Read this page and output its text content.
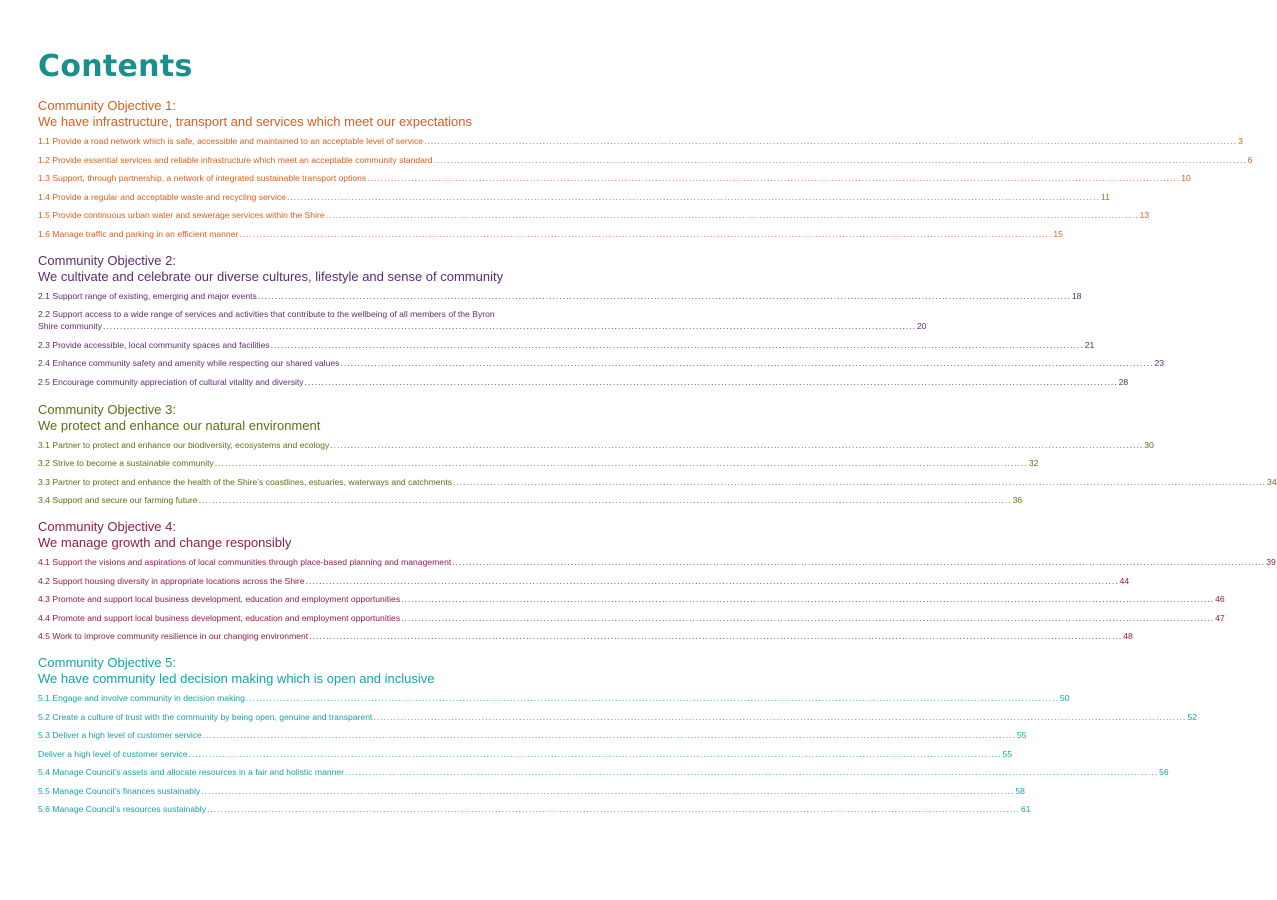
Contents
Community Objective 1:
We have infrastructure, transport and services which meet our expectations
1.1 Provide a road network which is safe, accessible and maintained to an acceptable level of service .....	3
1.2 Provide essential services and reliable infrastructure which meet an acceptable community standard .....	6
1.3 Support, through partnership, a network of integrated sustainable transport options .....	10
1.4 Provide a regular and acceptable waste and recycling service .....	11
1.5 Provide continuous urban water and sewerage services within the Shire .....	13
1.6 Manage traffic and parking in an efficient manner .....	15
Community Objective 2:
We cultivate and celebrate our diverse cultures, lifestyle and sense of community
2.1 Support range of existing, emerging and major events .....	18
2.2 Support access to a wide range of services and activities that contribute to the wellbeing of all members of the Byron
Shire community .....	20
2.3 Provide accessible, local community spaces and facilities .....	21
2.4 Enhance community safety and amenity while respecting our shared values .....	23
2.5 Encourage community appreciation of cultural vitality and diversity .....	28
Community Objective 3:
We protect and enhance our natural environment
3.1 Partner to protect and enhance our biodiversity, ecosystems and ecology .....	30
3.2 Strive to become a sustainable community .....	32
3.3 Partner to protect and enhance the health of the Shire’s coastlines, estuaries, waterways and catchments .....	34
3.4 Support and secure our farming future .....	36
Community Objective 4:
We manage growth and change responsibly
4.1 Support the visions and aspirations of local communities through place-based planning and management .....	39
4.2 Support housing diversity in appropriate locations across the Shire .....	44
4.3 Promote and support local business development, education and employment opportunities .....	46
4.4 Promote and support local business development, education and employment opportunities .....	47
4.5 Work to improve community resilience in our changing environment .....	48
Community Objective 5:
We have community led decision making which is open and inclusive
5.1 Engage and involve community in decision making .....	50
5.2 Create a culture of trust with the community by being open, genuine and transparent .....	52
5.3 Deliver a high level of customer service .....	55
Deliver a high level of customer service .....	55
5.4 Manage Council’s assets and allocate resources in a fair and holistic manner .....	56
5.5 Manage Council’s finances sustainably .....	58
5.6 Manage Council’s resources sustainably .....	61
